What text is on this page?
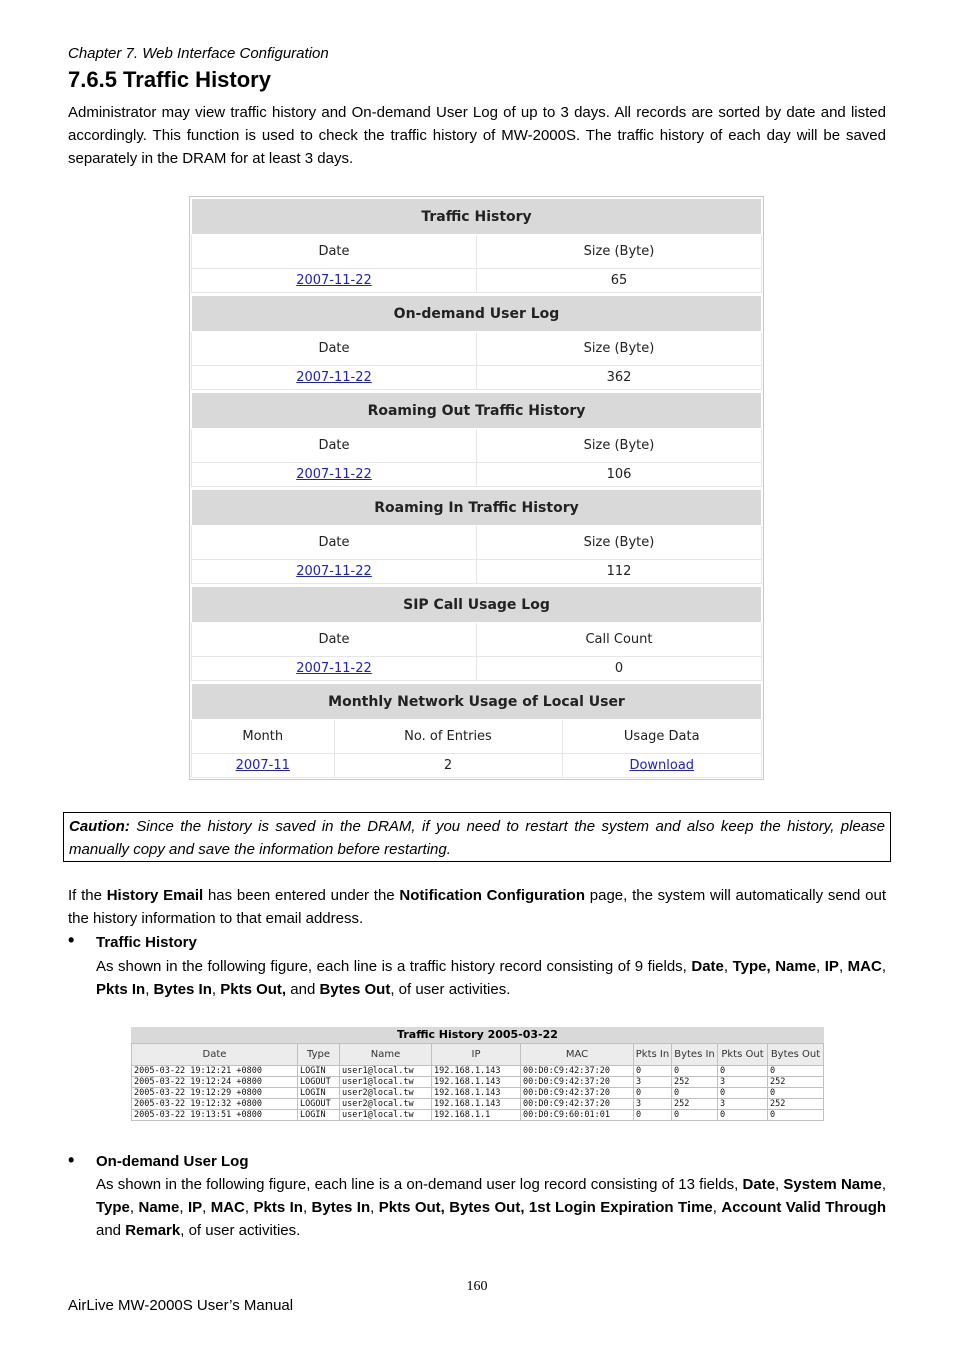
Chapter 7. Web Interface Configuration
7.6.5 Traffic History
Administrator may view traffic history and On-demand User Log of up to 3 days. All records are sorted by date and listed accordingly. This function is used to check the traffic history of MW-2000S. The traffic history of each day will be saved separately in the DRAM for at least 3 days.
Traffic History	
Date	Size (Byte)
2007-11-22	65
On-demand User Log	
Date	Size (Byte)
2007-11-22	362
Roaming Out Traffic History	
Date	Size (Byte)
2007-11-22	106
Roaming In Traffic History	
Date	Size (Byte)
2007-11-22	112
SIP Call Usage Log	
Date	Call Count
2007-11-22	0
Monthly Network Usage of Local User		
Month	No. of Entries	Usage Data
2007-11	2	Download
Caution: Since the history is saved in the DRAM, if you need to restart the system and also keep the history, please manually copy and save the information before restarting.
If the History Email has been entered under the Notification Configuration page, the system will automatically send out the history information to that email address.
• Traffic History
As shown in the following figure, each line is a traffic history record consisting of 9 fields, Date, Type, Name, IP, MAC, Pkts In, Bytes In, Pkts Out, and Bytes Out, of user activities.
Traffic History 2005-03-22
Date	Type	Name	IP	MAC	Pkts In	Bytes In	Pkts Out	Bytes Out
2005-03-22 19:12:21 +0800	LOGIN	user1@local.tw	192.168.1.143	00:D0:C9:42:37:20	0	0	0	0
2005-03-22 19:12:24 +0800	LOGOUT	user1@local.tw	192.168.1.143	00:D0:C9:42:37:20	3	252	3	252
2005-03-22 19:12:29 +0800	LOGIN	user2@local.tw	192.168.1.143	00:D0:C9:42:37:20	0	0	0	0
2005-03-22 19:12:32 +0800	LOGOUT	user2@local.tw	192.168.1.143	00:D0:C9:42:37:20	3	252	3	252
2005-03-22 19:13:51 +0800	LOGIN	user1@local.tw	192.168.1.1	00:D0:C9:60:01:01	0	0	0	0
• On-demand User Log
As shown in the following figure, each line is a on-demand user log record consisting of 13 fields, Date, System Name, Type, Name, IP, MAC, Pkts In, Bytes In, Pkts Out, Bytes Out, 1st Login Expiration Time, Account Valid Through and Remark, of user activities.
160
AirLive MW-2000S User’s Manual
